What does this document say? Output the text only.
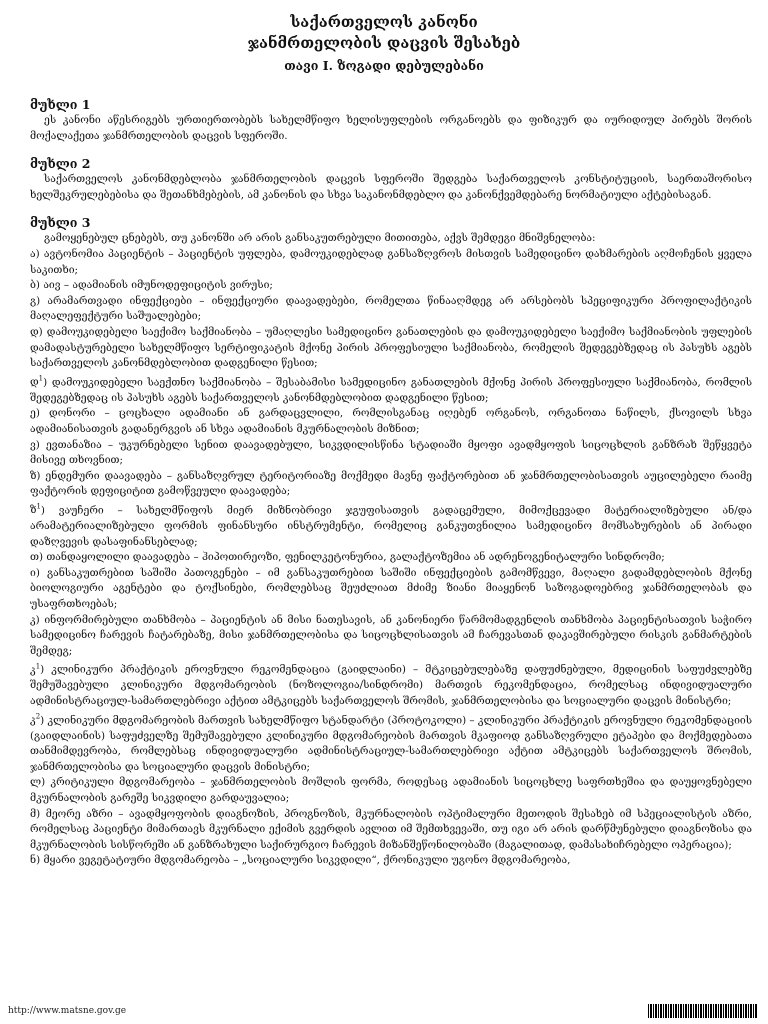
საქართველოს კანონი
ჯანმრთელობის დაცვის შესახებ
თავი I. ზოგადი დებულებანი
მუხლი 1

ეს კანონი აწესრიგებს ურთიერთობებს სახელმწიფო ხელისუფლების ორგანოებს და ფიზიკურ და იურიდიულ პირებს შორის მოქალაქეთა ჯანმრთელობის დაცვის სფეროში.

მუხლი 2

საქართველოს კანონმდებლობა ჯანმრთელობის დაცვის სფეროში შედგება საქართველოს კონსტიტუციის, საერთაშორისო ხელშეკრულებებისა და შეთანხმებების, ამ კანონის და სხვა საკანონმდებლო და კანონქვემდებარე ნორმატიული აქტებისაგან.

მუხლი 3

გამოყენებულ ცნებებს, თუ კანონში არ არის განსაკუთრებული მითითება, აქვს შემდეგი მნიშვნელობა:

ა) ავტონომია პაციენტის – პაციენტის უფლება, დამოუკიდებლად განსაზღვროს მისთვის სამედიცინო დახმარების აღმოჩენის ყველა საკითხი;

ბ) აივ – ადამიანის იმუნოდეფიციტის ვირუსი;

გ) არამართვადი ინფექციები – ინფექციური დაავადებები, რომელთა წინააღმდეგ არ არსებობს სპეციფიკური პროფილაქტიკის მაღალეფექტური საშუალებები;

დ) დამოუკიდებელი საექიმო საქმიანობა – უმაღლესი სამედიცინო განათლების და დამოუკიდებელი საექიმო საქმიანობის უფლების დამადასტურებელი სახელმწიფო სერტიფიკატის მქონე პირის პროფესიული საქმიანობა, რომელის შედეგებზედაც ის პასუხს აგებს საქართველოს კანონმდებლობით დადგენილი წესით;

დ$^1$) დამოუკიდებელი საექთნო საქმიანობა – შესაბამისი სამედიცინო განათლების მქონე პირის პროფესიული საქმიანობა, რომლის შედეგებზედაც ის პასუხს აგებს საქართველოს კანონმდებლობით დადგენილი წესით;

ე) დონორი – ცოცხალი ადამიანი ან გარდაცვლილი, რომლისგანაც იღებენ ორგანოს, ორგანოთა ნაწილს, ქსოვილს სხვა ადამიანისათვის გადანერგვის ან სხვა ადამიანის მკურნალობის მიზნით;

ვ) ევთანაზია – უკურნებელი სენით დაავადებული, სიკვდილისწინა სტადიაში მყოფი ავადმყოფის სიცოცხლის განზრახ შეწყვეტა მისივე თხოვნით;

ზ) ენდემური დაავადება – განსაზღვრულ ტერიტორიაზე მოქმედი მავნე ფაქტორებით ან ჯანმრთელობისათვის აუცილებელი რაიმე ფაქტორის დეფიციტით გამოწვეული დაავადება;

ზ$^1$) ვაუჩერი – სახელმწიფოს მიერ მიზნობრივი ჯგუფისათვის გადაცემული, მიმოქცევადი მატერიალიზებული ან/და არამატერიალიზებული ფორმის ფინანსური ინსტრუმენტი, რომელიც განკუთვნილია სამედიცინო მომსახურების ან პირადი დაზღვევის დასაფინანსებლად;

თ) თანდაყოლილი დაავადება – ჰიპოთირეოზი, ფენილკეტონურია, გალაქტოზემია ან ადრენოგენიტალური სინდრომი;

ი) განსაკუთრებით საშიში პათოგენები – იმ განსაკუთრებით საშიში ინფექციების გამომწვევი, მაღალი გადამდებლობის მქონე ბიოლოგიური აგენტები და ტოქსინები, რომლებსაც შეუძლიათ მძიმე ზიანი მიაყენონ საზოგადოებრივ ჯანმრთელობას და უსაფრთხოებას;

კ) ინფორმირებული თანხმობა – პაციენტის ან მისი ნათესავის, ან კანონიერი წარმომადგენლის თანხმობა პაციენტისათვის საჭირო სამედიცინო ჩარევის ჩატარებაზე, მისი ჯანმრთელობისა და სიცოცხლისათვის ამ ჩარევასთან დაკავშირებული რისკის განმარტების შემდეგ;

კ$^1$) კლინიკური პრაქტიკის ეროვნული რეკომენდაცია (გაიდლაინი) – მტკიცებულებაზე დაფუძნებული, მედიცინის საფუძვლებზე შემუშავებული კლინიკური მდგომარეობის (ნოზოლოგია/სინდრომი) მართვის რეკომენდაცია, რომელსაც ინდივიდუალური ადმინისტრაციულ-სამართლებრივი აქტით ამტკიცებს საქართველოს შრომის, ჯანმრთელობისა და სოციალური დაცვის მინისტრი;

კ$^2$) კლინიკური მდგომარეობის მართვის სახელმწიფო სტანდარტი (პროტოკოლი) – კლინიკური პრაქტიკის ეროვნული რეკომენდაციის (გაიდლაინის) საფუძველზე შემუშავებული კლინიკური მდგომარეობის მართვის მკაფიოდ განსაზღვრული ეტაპები და მოქმედებათა თანმიმდევრობა, რომლებსაც ინდივიდუალური ადმინისტრაციულ-სამართლებრივი აქტით ამტკიცებს საქართველოს შრომის, ჯანმრთელობისა და სოციალური დაცვის მინისტრი;

ლ) კრიტიკული მდგომარეობა – ჯანმრთელობის მოშლის ფორმა, როდესაც ადამიანის სიცოცხლე საფრთხეშია და დაუყოვნებელი მკურნალობის გარეშე სიკვდილი გარდაუვალია;

მ) მეორე აზრი – ავადმყოფობის დიაგნოზის, პროგნოზის, მკურნალობის ოპტიმალური მეთოდის შესახებ იმ სპეციალისტის აზრი, რომელსაც პაციენტი მიმართავს მკურნალი ექიმის გვერდის ავლით იმ შემთხვევაში, თუ იგი არ არის დარწმუნებული დიაგნოზისა და მკურნალობის სისწორეში ან განზრახული საქირურგიო ჩარევის მიზანშეწონილობაში (მაგალითად, დამასახიჩრებელი ოპერაცია);

ნ) მყარი ვეგეტატიური მდგომარეობა – „სოციალური სიკვდილი“, ქრონიკული უგონო მდგომარეობა,

http://www.matsne.gov.ge
